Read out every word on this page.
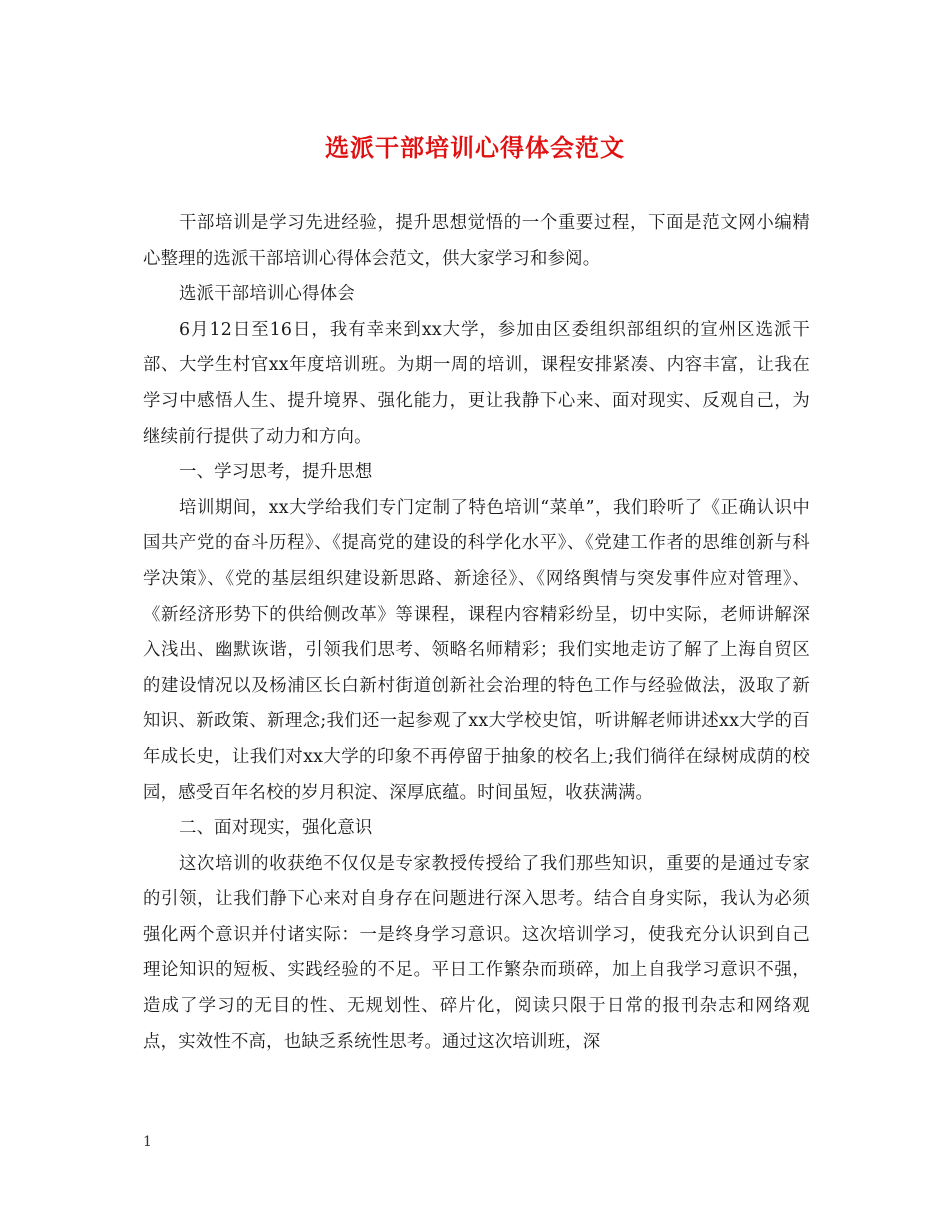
选派干部培训心得体会范文

干部培训是学习先进经验，提升思想觉悟的一个重要过程，下面是范文网小编精心整理的选派干部培训心得体会范文，供大家学习和参阅。

选派干部培训心得体会

6月12日至16日，我有幸来到xx大学，参加由区委组织部组织的宣州区选派干部、大学生村官xx年度培训班。为期一周的培训，课程安排紧凑、内容丰富，让我在学习中感悟人生、提升境界、强化能力，更让我静下心来、面对现实、反观自己，为继续前行提供了动力和方向。

一、学习思考，提升思想

培训期间，xx大学给我们专门定制了特色培训“菜单”，我们聆听了《正确认识中国共产党的奋斗历程》、《提高党的建设的科学化水平》、《党建工作者的思维创新与科学决策》、《党的基层组织建设新思路、新途径》、《网络舆情与突发事件应对管理》、《新经济形势下的供给侧改革》等课程，课程内容精彩纷呈，切中实际，老师讲解深入浅出、幽默诙谐，引领我们思考、领略名师精彩；我们实地走访了解了上海自贸区的建设情况以及杨浦区长白新村街道创新社会治理的特色工作与经验做法，汲取了新知识、新政策、新理念;我们还一起参观了xx大学校史馆，听讲解老师讲述xx大学的百年成长史，让我们对xx大学的印象不再停留于抽象的校名上;我们徜徉在绿树成荫的校园，感受百年名校的岁月积淀、深厚底蕴。时间虽短，收获满满。

二、面对现实，强化意识

这次培训的收获绝不仅仅是专家教授传授给了我们那些知识，重要的是通过专家的引领，让我们静下心来对自身存在问题进行深入思考。结合自身实际，我认为必须强化两个意识并付诸实际：一是终身学习意识。这次培训学习，使我充分认识到自己理论知识的短板、实践经验的不足。平日工作繁杂而琐碎，加上自我学习意识不强，造成了学习的无目的性、无规划性、碎片化，阅读只限于日常的报刊杂志和网络观点，实效性不高，也缺乏系统性思考。通过这次培训班，深

1
